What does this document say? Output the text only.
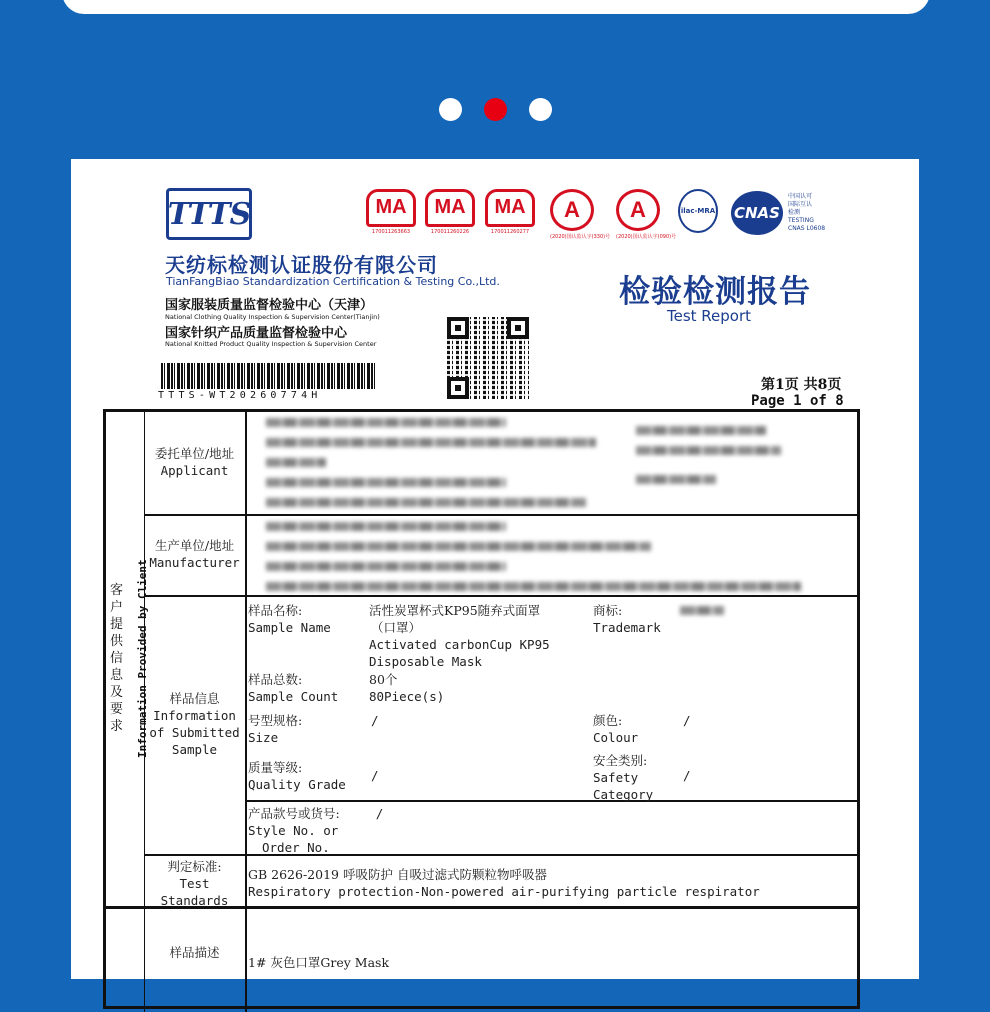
TTTS
天纺标检测认证股份有限公司
TianFangBiao Standardization Certification & Testing Co.,Ltd.
国家服装质量监督检验中心（天津）
National Clothing Quality Inspection & Supervision Center(Tianjin)
国家针织产品质量监督检验中心
National Knitted Product Quality Inspection & Supervision Center
TTTS-WT20260774H
MA
170011263663
MA
170011260226
MA
170011260277
A
(2020)国认监认字(330)号
A
(2020)国认监认字(090)号
ilac-MRA CNAS
中国认可
国际互认
检测
TESTING
CNAS L0608
检验检测报告
Test Report
第1页 共8页
Page 1 of 8
客户提供信息及要求 Information Provided by Client
委托单位/地址
Applicant
生产单位/地址
Manufacturer
样品信息
Information
of Submitted
Sample
样品名称:
Sample Name
活性炭罩杯式KP95随弃式面罩
（口罩）
Activated carbonCup KP95
Disposable Mask
商标:
Trademark
样品总数:
Sample Count
80个
80Piece(s)
号型规格:
Size
/	颜色:
Colour
/
质量等级:
Quality Grade
/
安全类别:
Safety
Category
/
产品款号或货号:	/
Style No. or
Order No.
判定标准:
Test
Standards
GB 2626-2019 呼吸防护 自吸过滤式防颗粒物呼吸器
Respiratory protection-Non-powered air-purifying particle respirator
样品描述
1# 灰色口罩Grey Mask
